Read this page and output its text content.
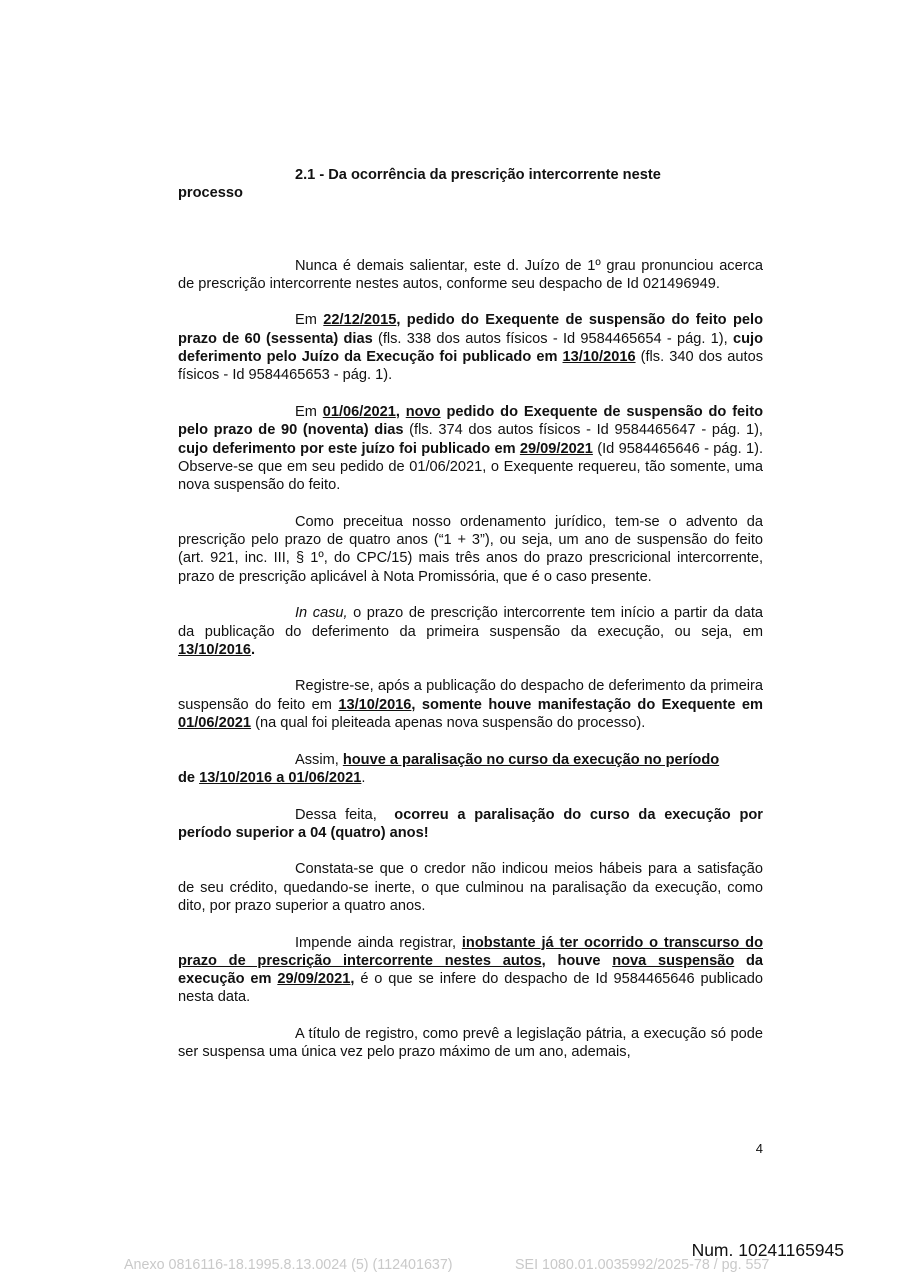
2.1 - Da ocorrência da prescrição intercorrente neste

processo

Nunca é demais salientar, este d. Juízo de 1º grau pronunciou acerca de prescrição intercorrente nestes autos, conforme seu despacho de Id 021496949.

Em 22/12/2015, pedido do Exequente de suspensão do feito pelo prazo de 60 (sessenta) dias (fls. 338 dos autos físicos - Id 9584465654 - pág. 1), cujo deferimento pelo Juízo da Execução foi publicado em 13/10/2016 (fls. 340 dos autos físicos - Id 9584465653 - pág. 1).

Em 01/06/2021, novo pedido do Exequente de suspensão do feito pelo prazo de 90 (noventa) dias (fls. 374 dos autos físicos - Id 9584465647 - pág. 1), cujo deferimento por este juízo foi publicado em 29/09/2021 (Id 9584465646 - pág. 1). Observe-se que em seu pedido de 01/06/2021, o Exequente requereu, tão somente, uma nova suspensão do feito.

Como preceitua nosso ordenamento jurídico, tem-se o advento da prescrição pelo prazo de quatro anos (“1 + 3”), ou seja, um ano de suspensão do feito (art. 921, inc. III, § 1º, do CPC/15) mais três anos do prazo prescricional intercorrente, prazo de prescrição aplicável à Nota Promissória, que é o caso presente.

In casu, o prazo de prescrição intercorrente tem início a partir da data da publicação do deferimento da primeira suspensão da execução, ou seja, em 13/10/2016.

Registre-se, após a publicação do despacho de deferimento da primeira suspensão do feito em 13/10/2016, somente houve manifestação do Exequente em 01/06/2021 (na qual foi pleiteada apenas nova suspensão do processo).

Assim, houve a paralisação no curso da execução no período
de 13/10/2016 a 01/06/2021.

Dessa feita,  ocorreu a paralisação do curso da execução por período superior a 04 (quatro) anos!

Constata-se que o credor não indicou meios hábeis para a satisfação de seu crédito, quedando-se inerte, o que culminou na paralisação da execução, como dito, por prazo superior a quatro anos.

Impende ainda registrar, inobstante já ter ocorrido o transcurso do prazo de prescrição intercorrente nestes autos, houve nova suspensão da execução em 29/09/2021, é o que se infere do despacho de Id 9584465646 publicado nesta data.

A título de registro, como prevê a legislação pátria, a execução só pode ser suspensa uma única vez pelo prazo máximo de um ano, ademais,

4
Num. 10241165945
Anexo 0816116-18.1995.8.13.0024 (5) (112401637)	SEI 1080.01.0035992/2025-78 / pg. 557
